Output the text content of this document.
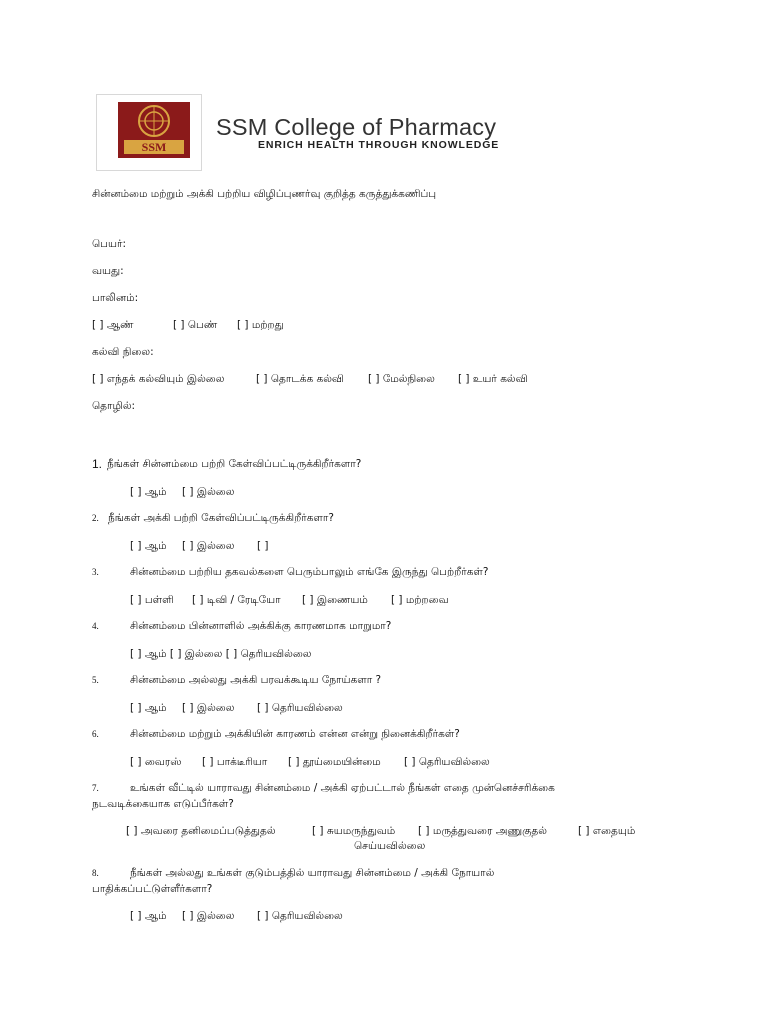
SSM
SSM College of Pharmacy
ENRICH HEALTH THROUGH KNOWLEDGE
சின்னம்மை மற்றும் அக்கி பற்றிய விழிப்புணர்வு குறித்த கருத்துக்கணிப்பு
பெயர்:
வயது:
பாலினம்:
[ ] ஆண்	[ ] பெண் [ ] மற்றது
கல்வி நிலை:
[ ] எந்தக் கல்வியும் இல்லை	[ ] தொடக்க கல்வி [ ] மேல்நிலை [ ] உயர் கல்வி
தொழில்:
1. நீங்கள் சின்னம்மை பற்றி கேள்விப்பட்டிருக்கிறீர்களா?
[ ] ஆம் [ ] இல்லை
2. நீங்கள் அக்கி பற்றி கேள்விப்பட்டிருக்கிறீர்களா?
[ ] ஆம் [ ] இல்லை [ ]
3.	சின்னம்மை பற்றிய தகவல்களை பெரும்பாலும் எங்கே இருந்து பெற்றீர்கள்?
[ ] பள்ளி [ ] டிவி / ரேடியோ [ ] இணையம் [ ] மற்றவை
4.	சின்னம்மை பின்னாளில் அக்கிக்கு காரணமாக மாறுமா?
[ ] ஆம் [ ] இல்லை [ ] தெரியவில்லை
5.	சின்னம்மை அல்லது அக்கி பரவக்கூடிய நோய்களா ?
[ ] ஆம் [ ] இல்லை [ ] தெரியவில்லை
6.	சின்னம்மை மற்றும் அக்கியின் காரணம் என்ன என்று நினைக்கிறீர்கள்?
[ ] வைரஸ் [ ] பாக்டீரியா [ ] தூய்மையின்மை [ ] தெரியவில்லை
7.	உங்கள் வீட்டில் யாராவது சின்னம்மை / அக்கி ஏற்பட்டால் நீங்கள் எதை முன்னெச்சரிக்கை
நடவடிக்கையாக எடுப்பீர்கள்?
[ ] அவரை தனிமைப்படுத்துதல்	[ ] சுயமருந்துவம் [ ] மருத்துவரை அணுகுதல்	[ ] எதையும்
செய்யவில்லை
8.	நீங்கள் அல்லது உங்கள் குடும்பத்தில் யாராவது சின்னம்மை / அக்கி நோயால்
பாதிக்கப்பட்டுள்ளீர்களா?
[ ] ஆம் [ ] இல்லை [ ] தெரியவில்லை
